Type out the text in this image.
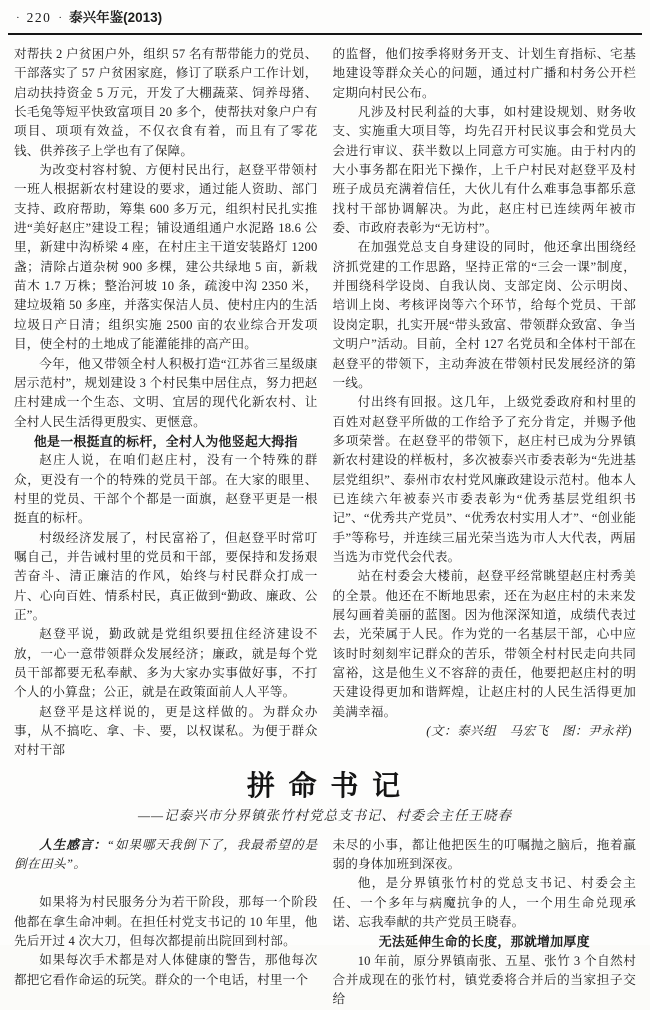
· 220 · 泰兴年鉴(2013)

对帮扶 2 户贫困户外，组织 57 名有帮带能力的党员、干部落实了 57 户贫困家庭，修订了联系户工作计划，启动扶持资金 5 万元，开发了大棚蔬菜、饲养母猪、长毛兔等短平快致富项目 20 多个，使帮扶对象户户有项目、项项有效益，不仅衣食有着，而且有了零花钱、供养孩子上学也有了保障。

为改变村容村貌、方便村民出行，赵登平带领村一班人根据新农村建设的要求，通过能人资助、部门支持、政府帮助，筹集 600 多万元，组织村民扎实推进“美好赵庄”建设工程；铺设通组通户水泥路 18.6 公里，新建中沟桥梁 4 座，在村庄主干道安装路灯 1200 盏；清除占道杂树 900 多棵，建公共绿地 5 亩，新栽苗木 1.7 万株；整治河坡 10 条，疏浚中沟 2350 米，建垃圾箱 50 多座，并落实保洁人员、使村庄内的生活垃圾日产日清；组织实施 2500 亩的农业综合开发项目，使全村的土地成了能灌能排的高产田。

今年，他又带领全村人积极打造“江苏省三星级康居示范村”，规划建设 3 个村民集中居住点，努力把赵庄村建成一个生态、文明、宜居的现代化新农村、让全村人民生活得更殷实、更惬意。

他是一根挺直的标杆，全村人为他竖起大拇指

赵庄人说，在咱们赵庄村，没有一个特殊的群众，更没有一个的特殊的党员干部。在大家的眼里、村里的党员、干部个个都是一面旗，赵登平更是一根挺直的标杆。

村级经济发展了，村民富裕了，但赵登平时常叮嘱自己，并告诫村里的党员和干部，要保持和发扬艰苦奋斗、清正廉洁的作风，始终与村民群众打成一片、心向百姓、情系村民，真正做到“勤政、廉政、公正”。

赵登平说，勤政就是党组织要扭住经济建设不放，一心一意带领群众发展经济；廉政，就是每个党员干部都要无私奉献、多为大家办实事做好事，不打个人的小算盘；公正，就是在政策面前人人平等。

赵登平是这样说的，更是这样做的。为群众办事，从不搞吃、拿、卡、要，以权谋私。为便于群众对村干部

的监督，他们按季将财务开支、计划生育指标、宅基地建设等群众关心的问题，通过村广播和村务公开栏定期向村民公布。

凡涉及村民利益的大事，如村建设规划、财务收支、实施重大项目等，均先召开村民议事会和党员大会进行审议、获半数以上同意方可实施。由于村内的大小事务都在阳光下操作，上千户村民对赵登平及村班子成员充满着信任，大伙儿有什么难事急事都乐意找村干部协调解决。为此，赵庄村已连续两年被市委、市政府表彰为“无访村”。

在加强党总支自身建设的同时，他还拿出围绕经济抓党建的工作思路，坚持正常的“三会一课”制度，并围绕科学设岗、自我认岗、支部定岗、公示明岗、培训上岗、考核评岗等六个环节，给每个党员、干部设岗定职，扎实开展“带头致富、带领群众致富、争当文明户”活动。目前，全村 127 名党员和全体村干部在赵登平的带领下，主动奔波在带领村民发展经济的第一线。

付出终有回报。这几年，上级党委政府和村里的百姓对赵登平所做的工作给予了充分肯定，并赐予他多项荣誉。在赵登平的带领下，赵庄村已成为分界镇新农村建设的样板村，多次被泰兴市委表彰为“先进基层党组织”、泰州市农村党风廉政建设示范村。他本人已连续六年被泰兴市委表彰为“优秀基层党组织书记”、“优秀共产党员”、“优秀农村实用人才”、“创业能手”等称号，并连续三届光荣当选为市人大代表，两届当选为市党代会代表。

站在村委会大楼前，赵登平经常眺望赵庄村秀美的全景。他还在不断地思索，还在为赵庄村的未来发展勾画着美丽的蓝图。因为他深深知道，成绩代表过去，光荣属于人民。作为党的一名基层干部，心中应该时时刻刻牢记群众的苦乐，带领全村村民走向共同富裕，这是他生义不容辞的责任，他要把赵庄村的明天建设得更加和谐辉煌，让赵庄村的人民生活得更加美满幸福。

(文：泰兴组　马宏飞　图：尹永祥)
拼 命 书 记
——记泰兴市分界镇张竹村党总支书记、村委会主任王晓春

人生感言：“如果哪天我倒下了，我最希望的是倒在田头”。

如果将为村民服务分为若干阶段，那每一个阶段他都在拿生命冲刺。在担任村党支书记的 10 年里，他先后开过 4 次大刀，但每次都提前出院回到村部。

如果每次手术都是对人体健康的警告，那他每次都把它看作命运的玩笑。群众的一个电话，村里一个

未尽的小事，都让他把医生的叮嘱抛之脑后，拖着羸弱的身体加班到深夜。

他，是分界镇张竹村的党总支书记、村委会主任、一个多年与病魔抗争的人，一个用生命兑现承诺、忘我奉献的共产党员王晓春。

无法延伸生命的长度，那就增加厚度

10 年前，原分界镇南张、五星、张竹 3 个自然村合并成现在的张竹村，镇党委将合并后的当家担子交给
